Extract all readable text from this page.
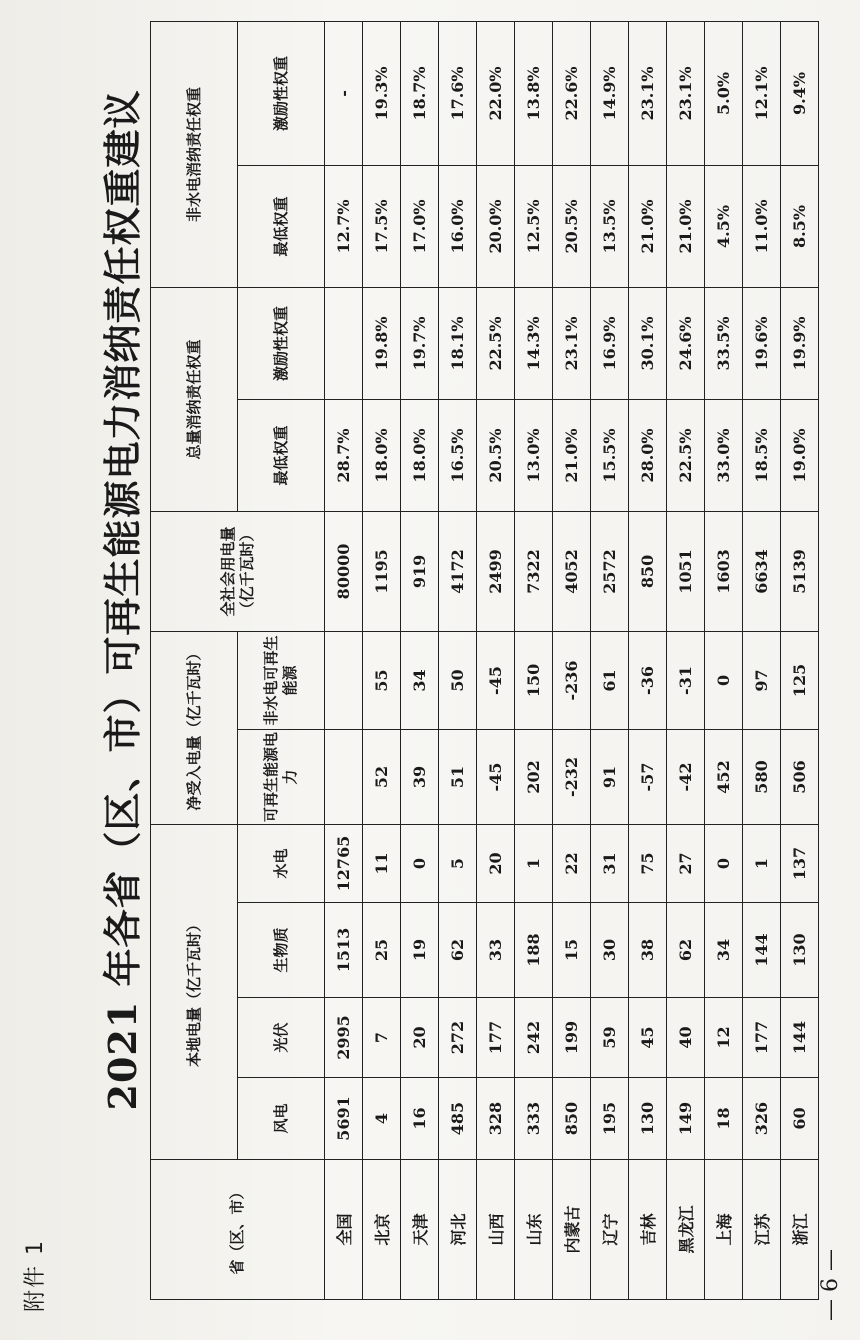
附件 1
2021 年各省（区、市）可再生能源电力消纳责任权重建议
省（区、市）	本地电量（亿千瓦时）				净受入电量（亿千瓦时）		全社会用电量（亿千瓦时）	总量消纳责任权重		非水电消纳责任权重	
	风电	光伏	生物质	水电	可再生能源电力	非水电可再生能源		最低权重	激励性权重	最低权重	激励性权重
全国	5691	2995	1513	12765			80000	28.7%		12.7%	-
北京	4	7	25	11	52	55	1195	18.0%	19.8%	17.5%	19.3%
天津	16	20	19	0	39	34	919	18.0%	19.7%	17.0%	18.7%
河北	485	272	62	5	51	50	4172	16.5%	18.1%	16.0%	17.6%
山西	328	177	33	20	-45	-45	2499	20.5%	22.5%	20.0%	22.0%
山东	333	242	188	1	202	150	7322	13.0%	14.3%	12.5%	13.8%
内蒙古	850	199	15	22	-232	-236	4052	21.0%	23.1%	20.5%	22.6%
辽宁	195	59	30	31	91	61	2572	15.5%	16.9%	13.5%	14.9%
吉林	130	45	38	75	-57	-36	850	28.0%	30.1%	21.0%	23.1%
黑龙江	149	40	62	27	-42	-31	1051	22.5%	24.6%	21.0%	23.1%
上海	18	12	34	0	452	0	1603	33.0%	33.5%	4.5%	5.0%
江苏	326	177	144	1	580	97	6634	18.5%	19.6%	11.0%	12.1%
浙江	60	144	130	137	506	125	5139	19.0%	19.9%	8.5%	9.4%
— 6 —
